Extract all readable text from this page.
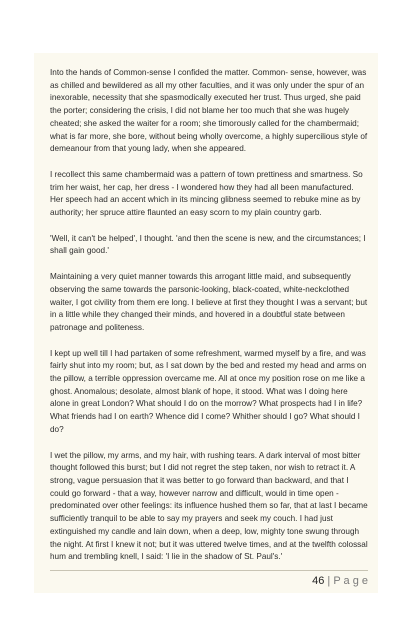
Into the hands of Common-sense I confided the matter. Common- sense, however, was as chilled and bewildered as all my other faculties, and it was only under the spur of an inexorable, necessity that she spasmodically executed her trust. Thus urged, she paid the porter; considering the crisis, I did not blame her too much that she was hugely cheated; she asked the waiter for a room; she timorously called for the chambermaid; what is far more, she bore, without being wholly overcome, a highly supercilious style of demeanour from that young lady, when she appeared.

I recollect this same chambermaid was a pattern of town prettiness and smartness. So trim her waist, her cap, her dress - I wondered how they had all been manufactured. Her speech had an accent which in its mincing glibness seemed to rebuke mine as by authority; her spruce attire flaunted an easy scorn to my plain country garb.

'Well, it can't be helped', I thought. 'and then the scene is new, and the circumstances; I shall gain good.'

Maintaining a very quiet manner towards this arrogant little maid, and subsequently observing the same towards the parsonic-looking, black-coated, white-neckclothed waiter, I got civility from them ere long. I believe at first they thought I was a servant; but in a little while they changed their minds, and hovered in a doubtful state between patronage and politeness.

I kept up well till I had partaken of some refreshment, warmed myself by a fire, and was fairly shut into my room; but, as I sat down by the bed and rested my head and arms on the pillow, a terrible oppression overcame me. All at once my position rose on me like a ghost. Anomalous; desolate, almost blank of hope, it stood. What was I doing here alone in great London? What should I do on the morrow? What prospects had I in life? What friends had I on earth? Whence did I come? Whither should I go? What should I do?

I wet the pillow, my arms, and my hair, with rushing tears. A dark interval of most bitter thought followed this burst; but I did not regret the step taken, nor wish to retract it. A strong, vague persuasion that it was better to go forward than backward, and that I could go forward - that a way, however narrow and difficult, would in time open - predominated over other feelings: its influence hushed them so far, that at last I became sufficiently tranquil to be able to say my prayers and seek my couch. I had just extinguished my candle and lain down, when a deep, low, mighty tone swung through the night. At first I knew it not; but it was uttered twelve times, and at the twelfth colossal hum and trembling knell, I said: 'I lie in the shadow of St. Paul's.'

46 | P a g e
